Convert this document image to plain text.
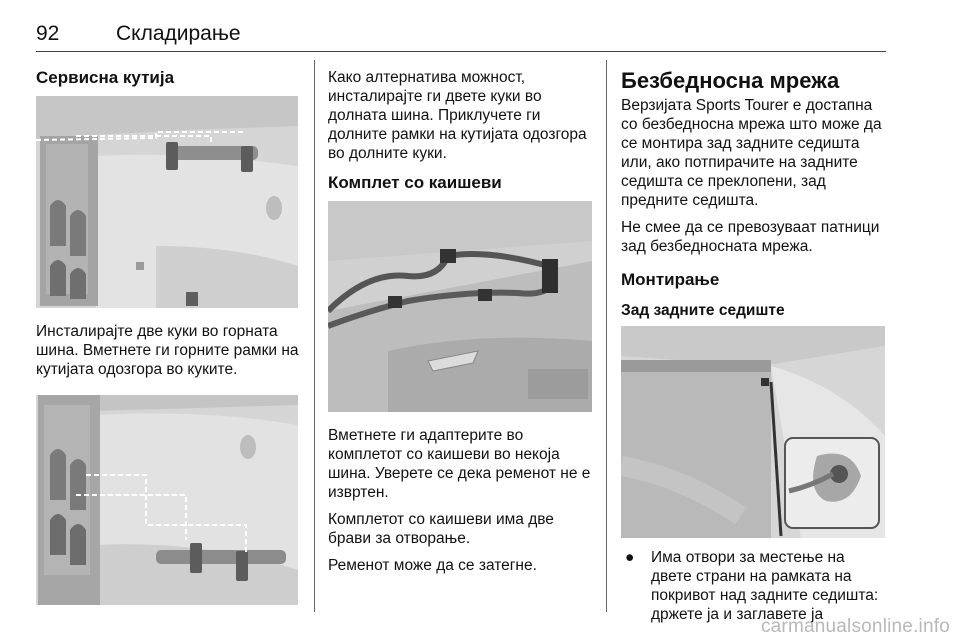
92	Складирање
Сервисна кутија

Инсталирајте две куки во горната шина. Вметнете ги горните рамки на кутијата одозгора во куките.

Како алтернатива можност, инсталирајте ги двете куки во долната шина. Приклучете ги долните рамки на кутијата одозгора во долните куки.

Комплет со каишеви

Вметнете ги адаптерите во комплетот со каишеви во некоја шина. Уверете се дека ременот не е извртен.

Комплетот со каишеви има две брави за отворање.

Ременот може да се затегне.

Безбедносна мрежа

Верзијата Sports Tourer е достапна со безбедносна мрежа што може да се монтира зад задните седишта или, ако потпирачите на задните седишта се преклопени, зад предните седишта.

Не смее да се превозуваат патници зад безбедносната мрежа.

Монтирање
Зад задните седиште
●	Има отвори за местење на двете страни на рамката на покривот над задните седишта: држете ја и заглавете ја
carmanualsonline.info
